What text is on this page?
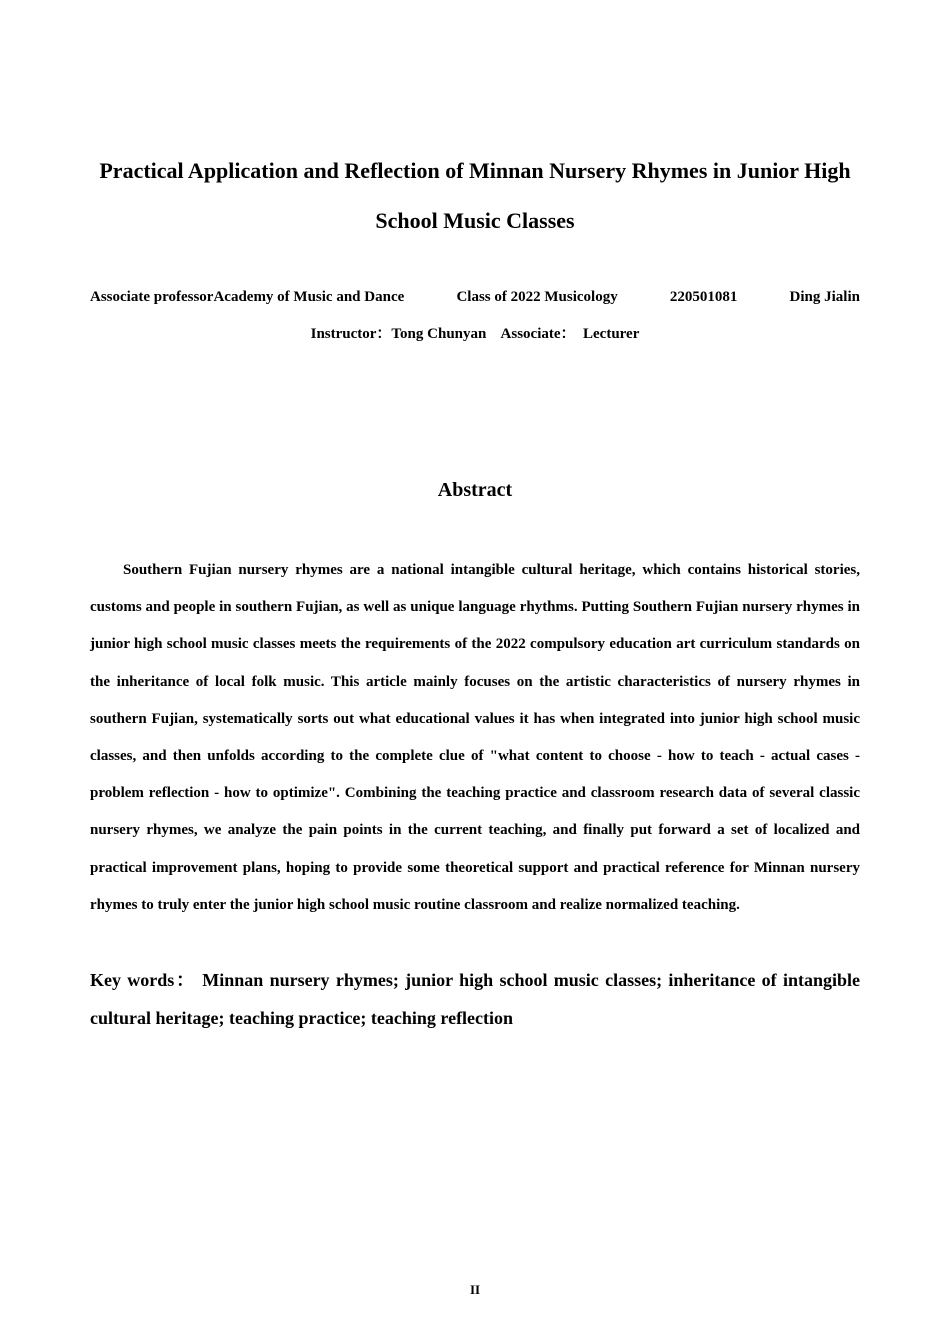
Practical Application and Reflection of Minnan Nursery Rhymes in Junior High School Music Classes
Associate professorAcademy of Music and Dance	Class of 2022 Musicology	220501081	Ding Jialin
Instructor：Tong Chunyan    Associate：  Lecturer
Abstract

Southern Fujian nursery rhymes are a national intangible cultural heritage, which contains historical stories, customs and people in southern Fujian, as well as unique language rhythms. Putting Southern Fujian nursery rhymes in junior high school music classes meets the requirements of the 2022 compulsory education art curriculum standards on the inheritance of local folk music. This article mainly focuses on the artistic characteristics of nursery rhymes in southern Fujian, systematically sorts out what educational values it has when integrated into junior high school music classes, and then unfolds according to the complete clue of "what content to choose - how to teach - actual cases - problem reflection - how to optimize". Combining the teaching practice and classroom research data of several classic nursery rhymes, we analyze the pain points in the current teaching, and finally put forward a set of localized and practical improvement plans, hoping to provide some theoretical support and practical reference for Minnan nursery rhymes to truly enter the junior high school music routine classroom and realize normalized teaching.

Key words： Minnan nursery rhymes; junior high school music classes; inheritance of intangible cultural heritage; teaching practice; teaching reflection

II
